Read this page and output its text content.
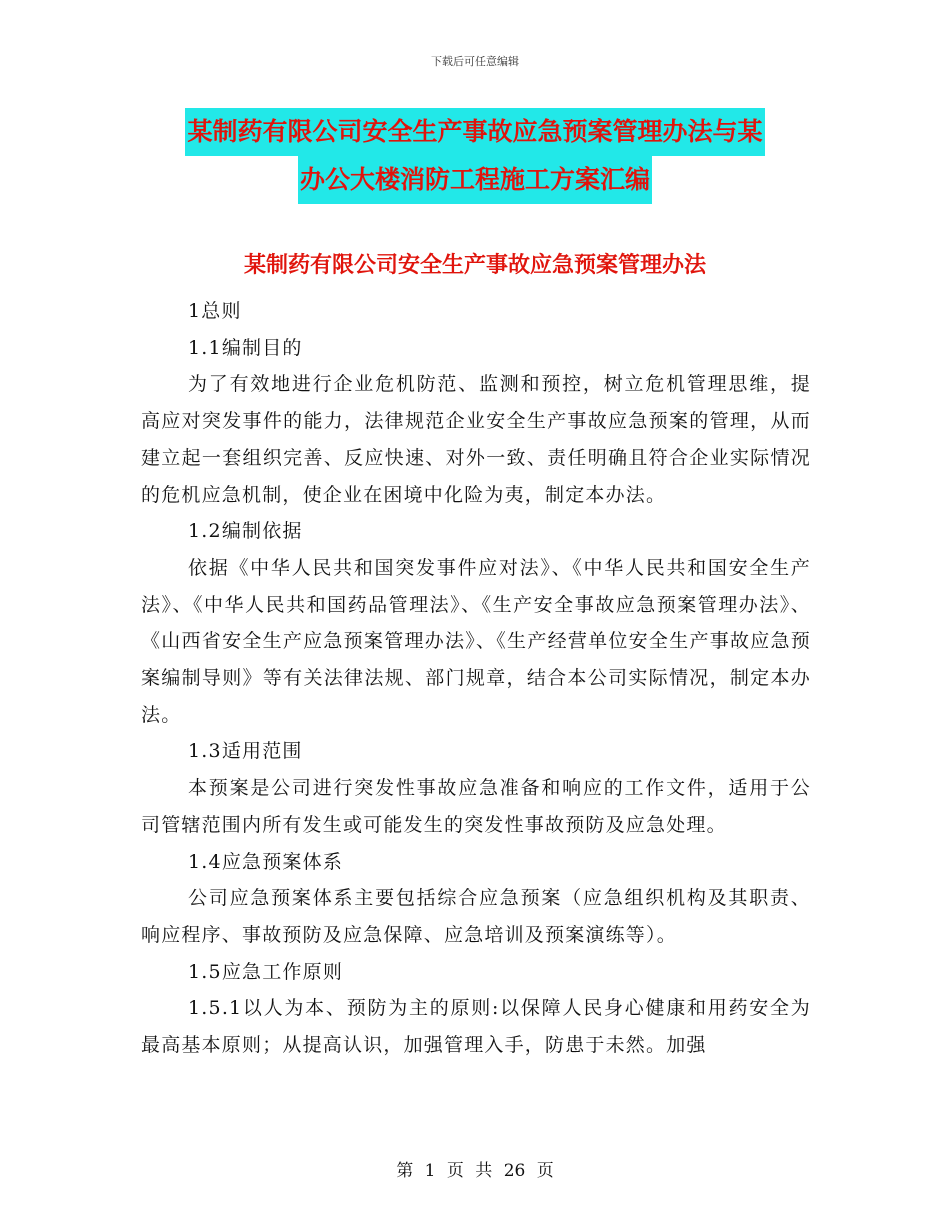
下载后可任意编辑
某制药有限公司安全生产事故应急预案管理办法与某
办公大楼消防工程施工方案汇编
某制药有限公司安全生产事故应急预案管理办法

1总则

1.1编制目的

为了有效地进行企业危机防范、监测和预控，树立危机管理思维，提高应对突发事件的能力，法律规范企业安全生产事故应急预案的管理，从而建立起一套组织完善、反应快速、对外一致、责任明确且符合企业实际情况的危机应急机制，使企业在困境中化险为夷，制定本办法。

1.2编制依据

依据《中华人民共和国突发事件应对法》、《中华人民共和国安全生产法》、《中华人民共和国药品管理法》、《生产安全事故应急预案管理办法》、《山西省安全生产应急预案管理办法》、《生产经营单位安全生产事故应急预案编制导则》等有关法律法规、部门规章，结合本公司实际情况，制定本办法。

1.3适用范围

本预案是公司进行突发性事故应急准备和响应的工作文件，适用于公司管辖范围内所有发生或可能发生的突发性事故预防及应急处理。

1.4应急预案体系

公司应急预案体系主要包括综合应急预案（应急组织机构及其职责、响应程序、事故预防及应急保障、应急培训及预案演练等）。

1.5应急工作原则

1.5.1以人为本、预防为主的原则:以保障人民身心健康和用药安全为最高基本原则；从提高认识，加强管理入手，防患于未然。加强

第 1 页 共 26 页
